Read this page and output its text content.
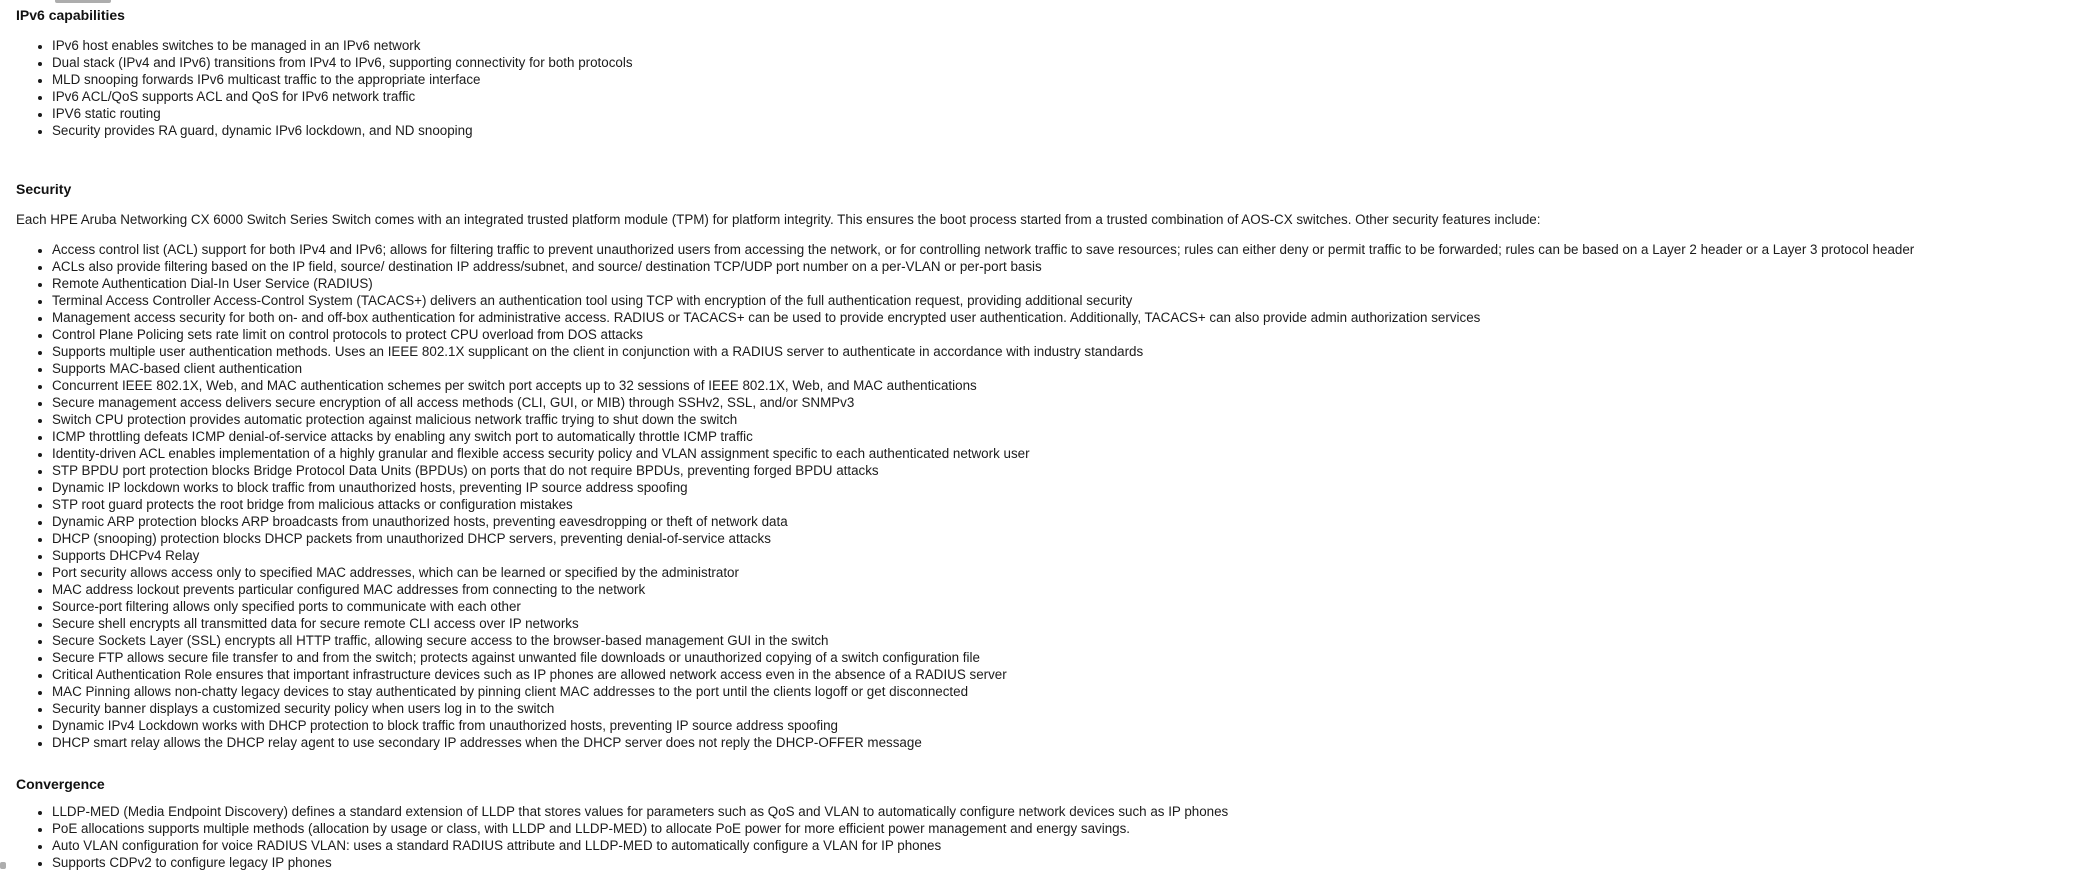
IPv6 capabilities
• IPv6 host enables switches to be managed in an IPv6 network
• Dual stack (IPv4 and IPv6) transitions from IPv4 to IPv6, supporting connectivity for both protocols
• MLD snooping forwards IPv6 multicast traffic to the appropriate interface
• IPv6 ACL/QoS supports ACL and QoS for IPv6 network traffic
• IPV6 static routing
• Security provides RA guard, dynamic IPv6 lockdown, and ND snooping
Security

Each HPE Aruba Networking CX 6000 Switch Series Switch comes with an integrated trusted platform module (TPM) for platform integrity. This ensures the boot process started from a trusted combination of AOS-CX switches. Other security features include:

• Access control list (ACL) support for both IPv4 and IPv6; allows for filtering traffic to prevent unauthorized users from accessing the network, or for controlling network traffic to save resources; rules can either deny or permit traffic to be forwarded; rules can be based on a Layer 2 header or a Layer 3 protocol header
• ACLs also provide filtering based on the IP field, source/ destination IP address/subnet, and source/ destination TCP/UDP port number on a per-VLAN or per-port basis
• Remote Authentication Dial-In User Service (RADIUS)
• Terminal Access Controller Access-Control System (TACACS+) delivers an authentication tool using TCP with encryption of the full authentication request, providing additional security
• Management access security for both on- and off-box authentication for administrative access. RADIUS or TACACS+ can be used to provide encrypted user authentication. Additionally, TACACS+ can also provide admin authorization services
• Control Plane Policing sets rate limit on control protocols to protect CPU overload from DOS attacks
• Supports multiple user authentication methods. Uses an IEEE 802.1X supplicant on the client in conjunction with a RADIUS server to authenticate in accordance with industry standards
• Supports MAC-based client authentication
• Concurrent IEEE 802.1X, Web, and MAC authentication schemes per switch port accepts up to 32 sessions of IEEE 802.1X, Web, and MAC authentications
• Secure management access delivers secure encryption of all access methods (CLI, GUI, or MIB) through SSHv2, SSL, and/or SNMPv3
• Switch CPU protection provides automatic protection against malicious network traffic trying to shut down the switch
• ICMP throttling defeats ICMP denial-of-service attacks by enabling any switch port to automatically throttle ICMP traffic
• Identity-driven ACL enables implementation of a highly granular and flexible access security policy and VLAN assignment specific to each authenticated network user
• STP BPDU port protection blocks Bridge Protocol Data Units (BPDUs) on ports that do not require BPDUs, preventing forged BPDU attacks
• Dynamic IP lockdown works to block traffic from unauthorized hosts, preventing IP source address spoofing
• STP root guard protects the root bridge from malicious attacks or configuration mistakes
• Dynamic ARP protection blocks ARP broadcasts from unauthorized hosts, preventing eavesdropping or theft of network data
• DHCP (snooping) protection blocks DHCP packets from unauthorized DHCP servers, preventing denial-of-service attacks
• Supports DHCPv4 Relay
• Port security allows access only to specified MAC addresses, which can be learned or specified by the administrator
• MAC address lockout prevents particular configured MAC addresses from connecting to the network
• Source-port filtering allows only specified ports to communicate with each other
• Secure shell encrypts all transmitted data for secure remote CLI access over IP networks
• Secure Sockets Layer (SSL) encrypts all HTTP traffic, allowing secure access to the browser-based management GUI in the switch
• Secure FTP allows secure file transfer to and from the switch; protects against unwanted file downloads or unauthorized copying of a switch configuration file
• Critical Authentication Role ensures that important infrastructure devices such as IP phones are allowed network access even in the absence of a RADIUS server
• MAC Pinning allows non-chatty legacy devices to stay authenticated by pinning client MAC addresses to the port until the clients logoff or get disconnected
• Security banner displays a customized security policy when users log in to the switch
• Dynamic IPv4 Lockdown works with DHCP protection to block traffic from unauthorized hosts, preventing IP source address spoofing
• DHCP smart relay allows the DHCP relay agent to use secondary IP addresses when the DHCP server does not reply the DHCP-OFFER message
Convergence
• LLDP-MED (Media Endpoint Discovery) defines a standard extension of LLDP that stores values for parameters such as QoS and VLAN to automatically configure network devices such as IP phones
• PoE allocations supports multiple methods (allocation by usage or class, with LLDP and LLDP-MED) to allocate PoE power for more efficient power management and energy savings.
• Auto VLAN configuration for voice RADIUS VLAN: uses a standard RADIUS attribute and LLDP-MED to automatically configure a VLAN for IP phones
• Supports CDPv2 to configure legacy IP phones
